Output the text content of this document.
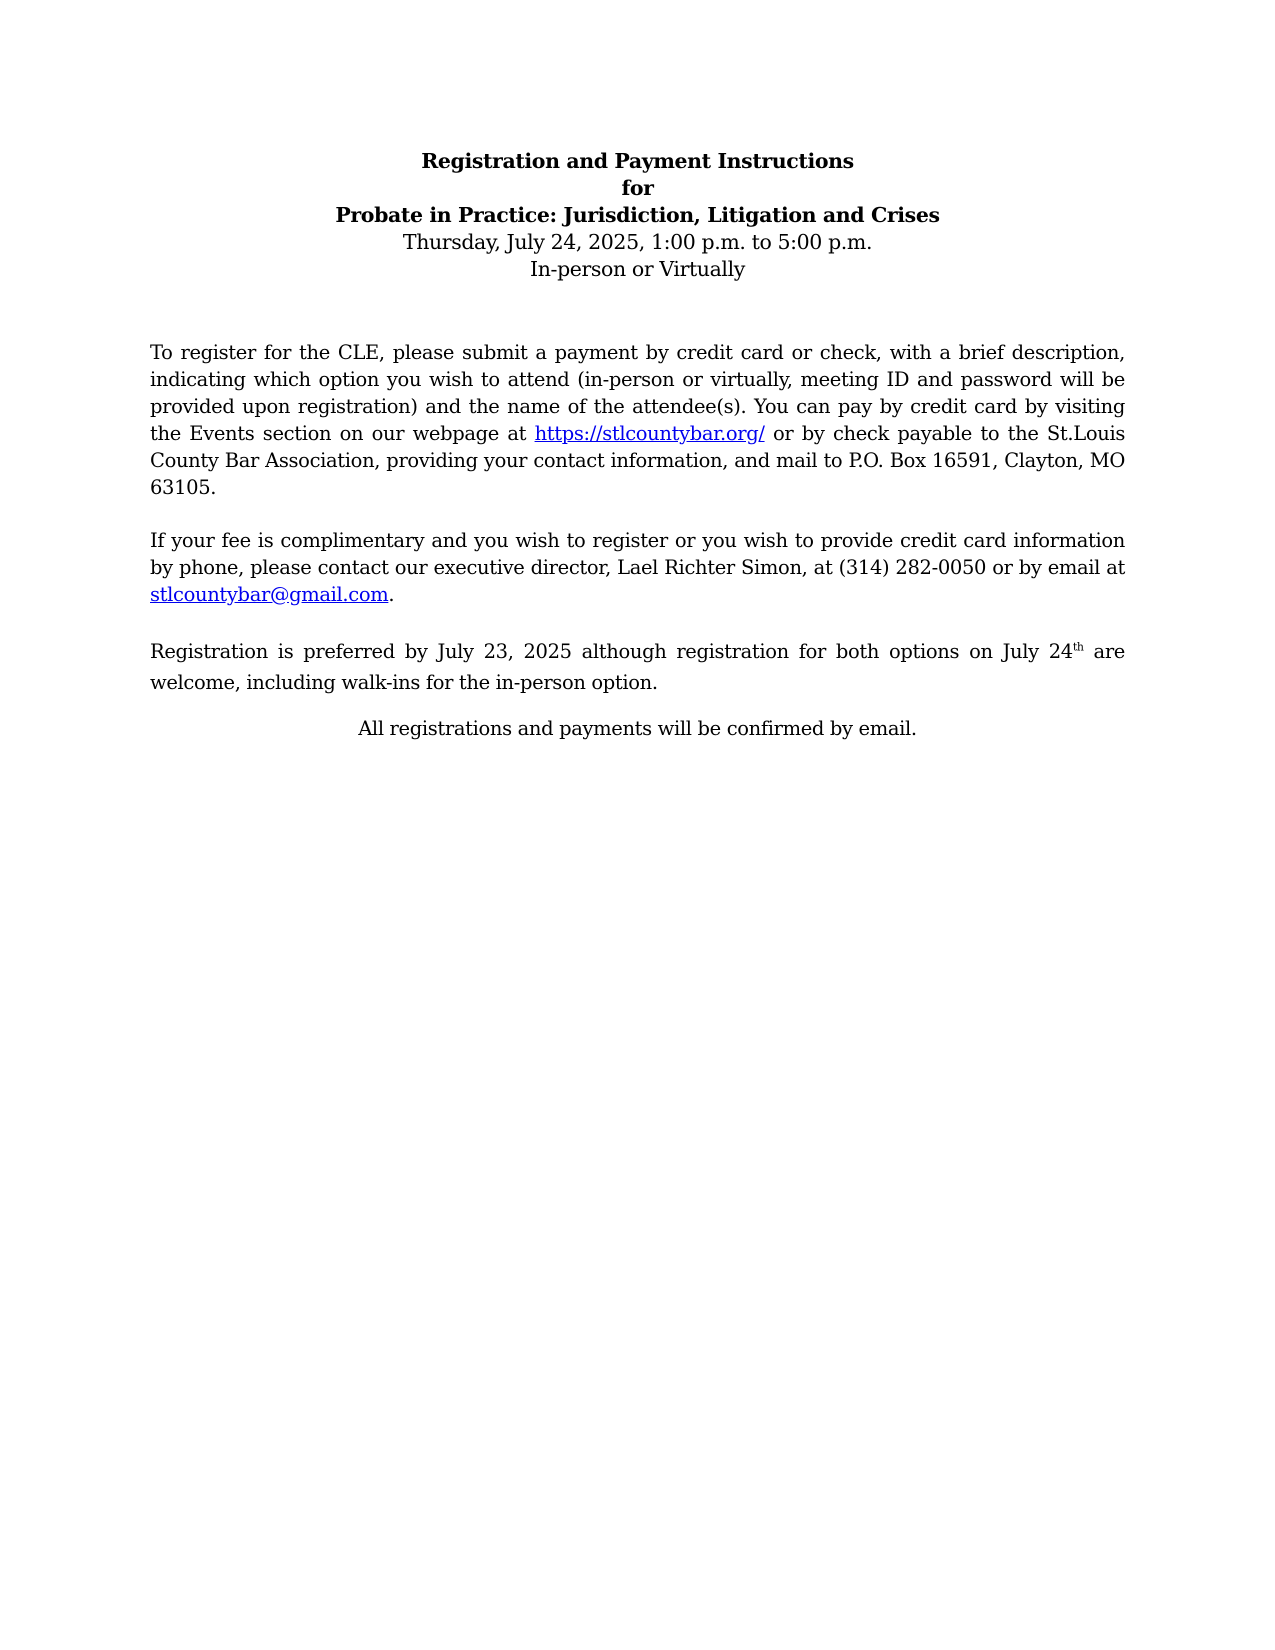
Registration and Payment Instructions
for
Probate in Practice: Jurisdiction, Litigation and Crises
Thursday, July 24, 2025, 1:00 p.m. to 5:00 p.m.
In-person or Virtually

To register for the CLE, please submit a payment by credit card or check, with a brief description, indicating which option you wish to attend (in-person or virtually, meeting ID and password will be provided upon registration) and the name of the attendee(s). You can pay by credit card by visiting the Events section on our webpage at https://stlcountybar.org/ or by check payable to the St.Louis County Bar Association, providing your contact information, and mail to P.O. Box 16591, Clayton, MO 63105.

If your fee is complimentary and you wish to register or you wish to provide credit card information by phone, please contact our executive director, Lael Richter Simon, at (314) 282-0050 or by email at stlcountybar@gmail.com.

Registration is preferred by July 23, 2025 although registration for both options on July 24th are welcome, including walk-ins for the in-person option.

All registrations and payments will be confirmed by email.
